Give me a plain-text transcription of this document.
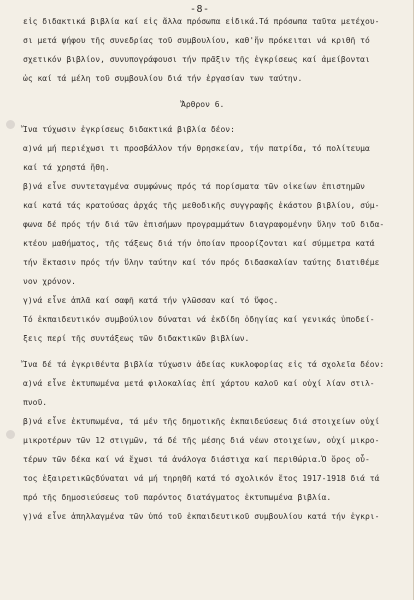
-8-
εἰς διδακτικά βιβλία καί εἰς ἄλλα πρόσωπα εἰδικά.Τά πρόσωπα ταῦτα μετέχου-
σι μετά ψήφου τῆς συνεδρίας τοῦ συμβουλίου, καθ'ἥν πρόκειται νά κριθῆ τό
σχετικόν βιβλίον, συνυπογράφουσι τήν πρᾶξιν τῆς ἐγκρίσεως καί ἀμείβονται
ὡς καί τά μέλη τοῦ συμβουλίου διά τήν ἐργασίαν των ταύτην.
Ἄρθρον 6.
Ἵνα τύχωσιν ἐγκρίσεως διδακτικά βιβλία δέον:
α)νά μή περιέχωσι τι προσβάλλον τήν θρησκείαν, τήν πατρίδα, τό πολίτευμα
καί τά χρηστά ἤθη.
β)νά εἶνε συντεταγμένα συμφώνως πρός τά πορίσματα τῶν οἰκείων ἐπιστημῶν
καί κατά τάς κρατούσας ἀρχάς τῆς μεθοδικῆς συγγραφῆς ἑκάστου βιβλίου, σύμ-
φωνα δέ πρός τήν διά τῶν ἐπισήμων προγραμμάτων διαγραφομένην ὕλην τοῦ διδα-
κτέου μαθήματος, τῆς τάξεως διά τήν ὁποίαν προορίζονται καί σύμμετρα κατά
τήν ἔκτασιν πρός τήν ὕλην ταύτην καί τόν πρός διδασκαλίαν ταύτης διατιθέμε
νον χρόνον.
γ)νά εἶνε ἁπλᾶ καί σαφῆ κατά τήν γλῶσσαν καί τό ὕφος.
Τό ἐκπαιδευτικόν συμβούλιον δύναται νά ἐκδίδη ὁδηγίας καί γενικάς ὑποδεί-
ξεις περί τῆς συντάξεως τῶν διδακτικῶν βιβλίων.
Ἵνα δέ τά ἐγκριθέντα βιβλία τύχωσιν ἀδείας κυκλοφορίας εἰς τά σχολεῖα δέον:
α)νά εἶνε ἐκτυπωμένα μετά φιλοκαλίας ἐπί χάρτου καλοῦ καί οὐχί λίαν στιλ-
πνοῦ.
β)νά εἶνε ἐκτυπωμένα, τά μέν τῆς δημοτικῆς ἐκπαιδεύσεως διά στοιχείων οὐχί
μικροτέρων τῶν 12 στιγμῶν, τά δέ τῆς μέσης διά νέων στοιχείων, οὐχί μικρο-
τέρων τῶν δέκα καί νά ἔχωσι τά ἀνάλογα διάστιχα καί περιθώρια.Ὁ ὅρος οὗ-
τος ἐξαιρετικῶςδύναται νά μή τηρηθῆ κατά τό σχολικόν ἔτος 1917-1918 διά τά
πρό τῆς δημοσιεύσεως τοῦ παρόντος διατάγματος ἐκτυπωμένα βιβλία.
γ)νά εἶνε ἀπηλλαγμένα τῶν ὑπό τοῦ ἐκπαιδευτικοῦ συμβουλίου κατά τήν ἐγκρι-
